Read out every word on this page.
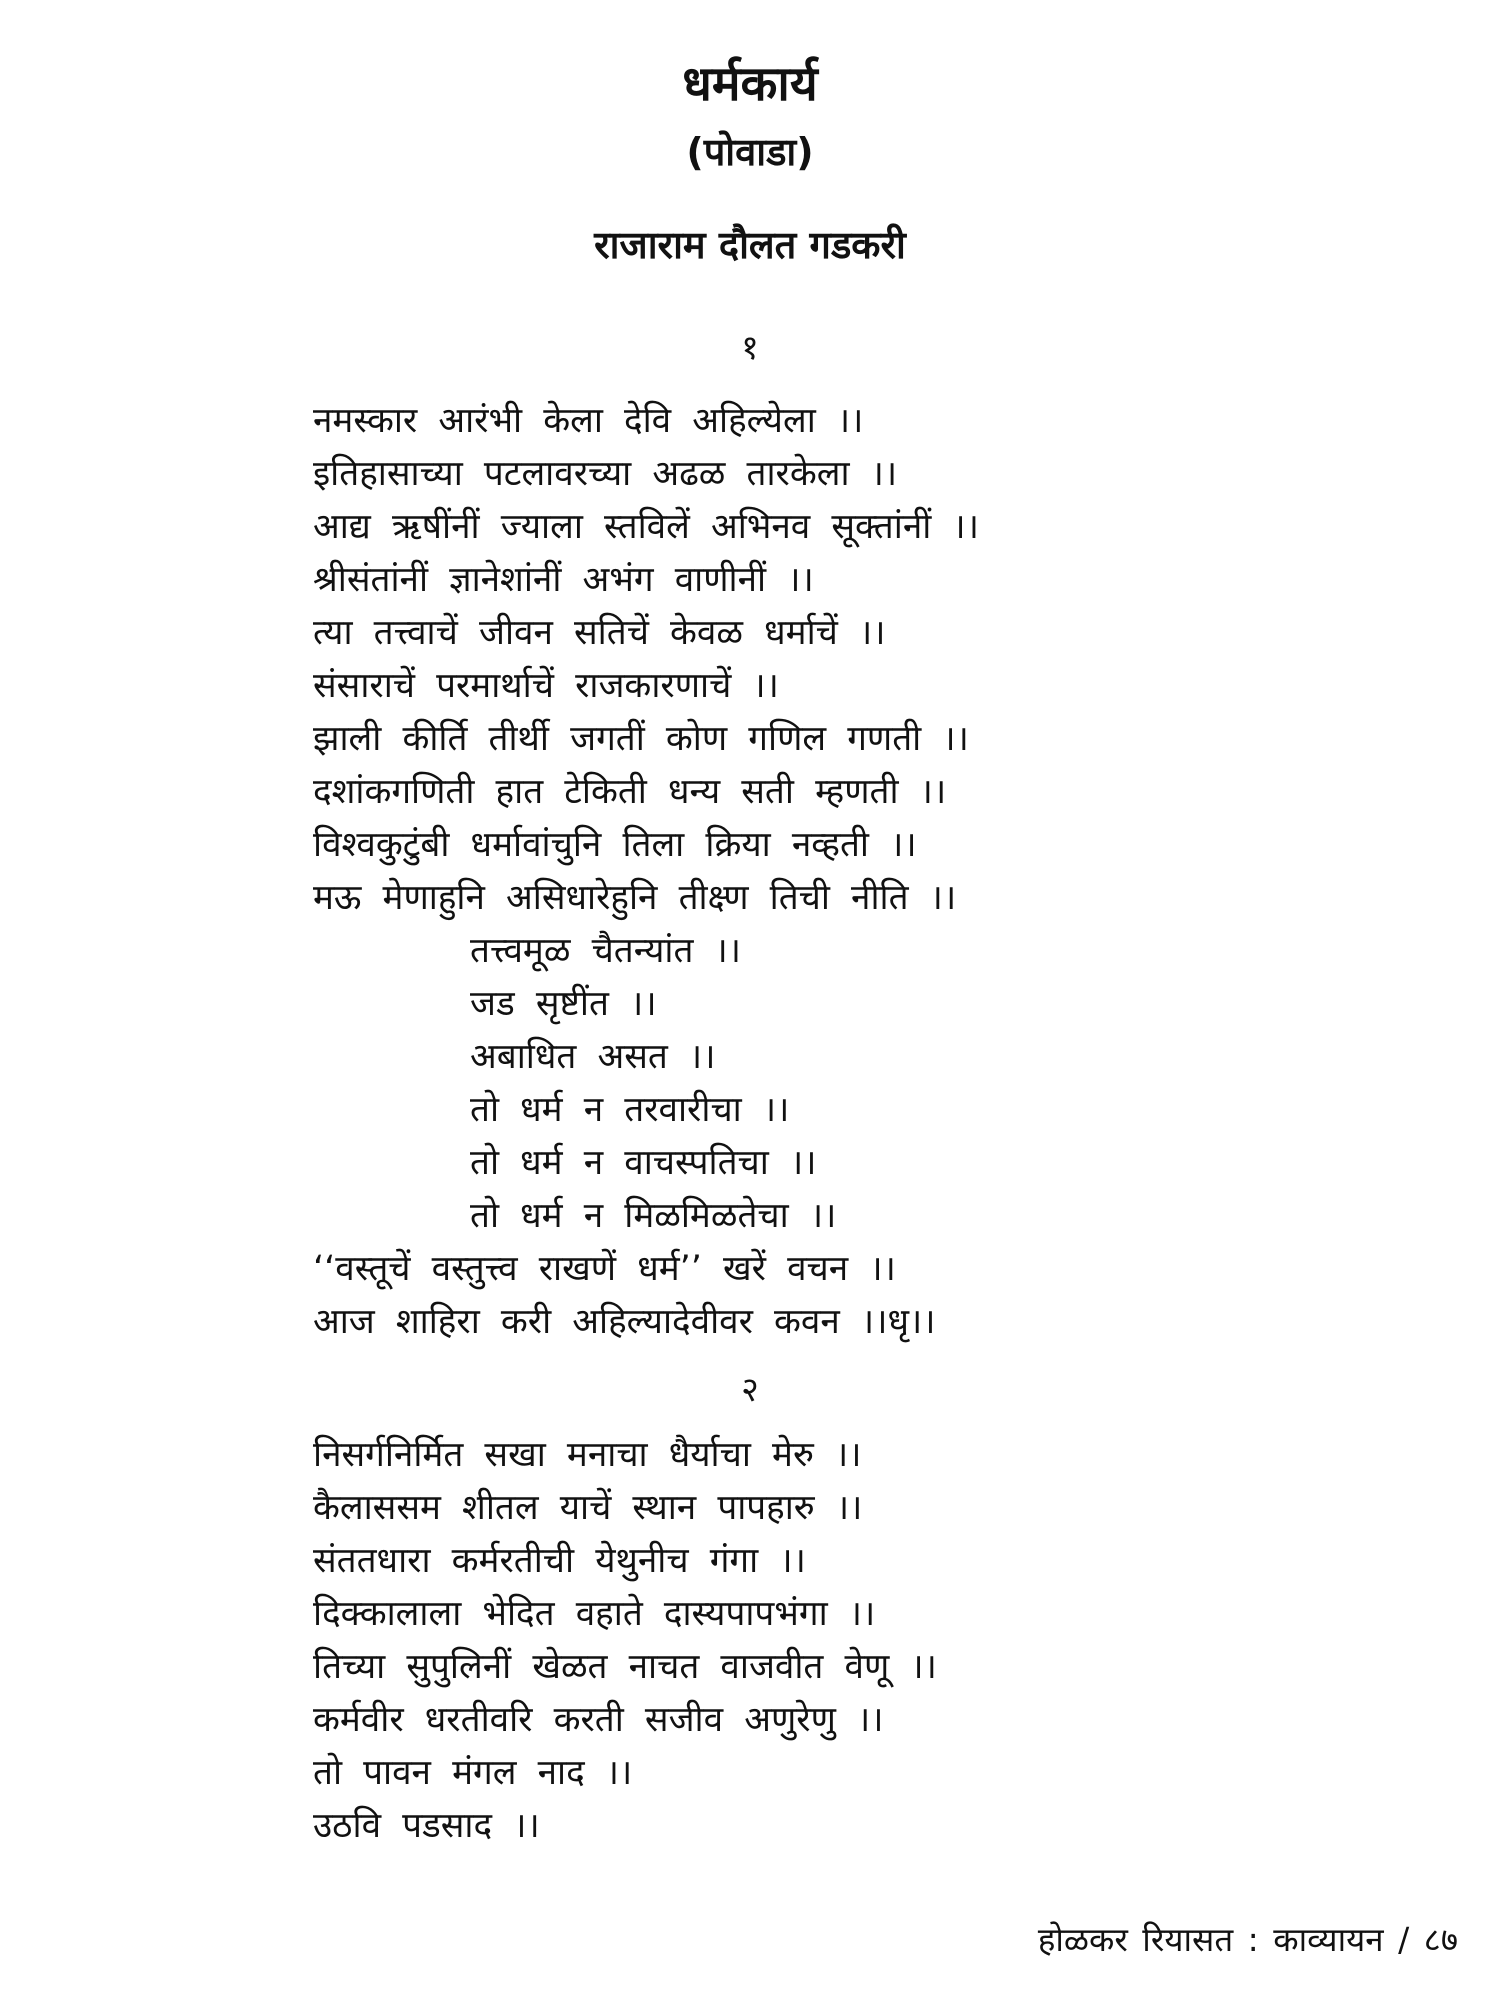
धर्मकार्य
(पोवाडा)
राजाराम दौलत गडकरी
१
नमस्कार आरंभी केला देवि अहिल्येला ।।
इतिहासाच्या पटलावरच्या अढळ तारकेला ।।
आद्य ऋषींनीं ज्याला स्तविलें अभिनव सूक्तांनीं ।।
श्रीसंतांनीं ज्ञानेशांनीं अभंग वाणीनीं ।।
त्या तत्त्वाचें जीवन सतिचें केवळ धर्माचें ।।
संसाराचें परमार्थाचें राजकारणाचें ।।
झाली कीर्ति तीर्थी जगतीं कोण गणिल गणती ।।
दशांकगणिती हात टेकिती धन्य सती म्हणती ।।
विश्वकुटुंबी धर्मावांचुनि तिला क्रिया नव्हती ।।
मऊ मेणाहुनि असिधारेहुनि तीक्ष्ण तिची नीति ।।
तत्त्वमूळ चैतन्यांत ।।
जड सृष्टींत ।।
अबाधित असत ।।
तो धर्म न तरवारीचा ।।
तो धर्म न वाचस्पतिचा ।।
तो धर्म न मिळमिळतेचा ।।
‘‘वस्तूचें वस्तुत्त्व राखणें धर्म’’ खरें वचन ।।
आज शाहिरा करी अहिल्यादेवीवर कवन ।।धृ।।
२
निसर्गनिर्मित सखा मनाचा धैर्याचा मेरु ।।
कैलाससम शीतल याचें स्थान पापहारु ।।
संततधारा कर्मरतीची येथुनीच गंगा ।।
दिक्कालाला भेदित वहाते दास्यपापभंगा ।।
तिच्या सुपुलिनीं खेळत नाचत वाजवीत वेणू ।।
कर्मवीर धरतीवरि करती सजीव अणुरेणु ।।
तो पावन मंगल नाद ।।
उठवि पडसाद ।।
होळकर रियासत : काव्यायन / ८७
